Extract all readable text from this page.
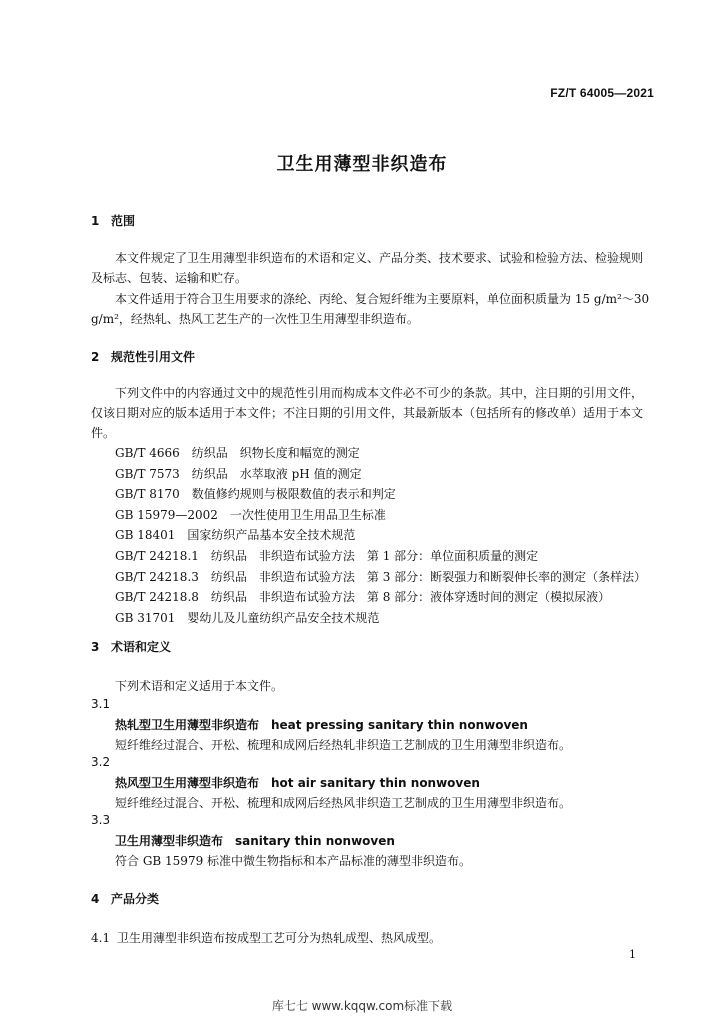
FZ/T 64005—2021
卫生用薄型非织造布
1 范围
本文件规定了卫生用薄型非织造布的术语和定义、产品分类、技术要求、试验和检验方法、检验规则及标志、包装、运输和贮存。
本文件适用于符合卫生用要求的涤纶、丙纶、复合短纤维为主要原料，单位面积质量为 15 g/m²～30 g/m²，经热轧、热风工艺生产的一次性卫生用薄型非织造布。
2 规范性引用文件
下列文件中的内容通过文中的规范性引用而构成本文件必不可少的条款。其中，注日期的引用文件，仅该日期对应的版本适用于本文件；不注日期的引用文件，其最新版本（包括所有的修改单）适用于本文件。
GB/T 4666　纺织品　织物长度和幅宽的测定
GB/T 7573　纺织品　水萃取液 pH 值的测定
GB/T 8170　数值修约规则与极限数值的表示和判定
GB 15979—2002　一次性使用卫生用品卫生标准
GB 18401　国家纺织产品基本安全技术规范
GB/T 24218.1　纺织品　非织造布试验方法　第 1 部分：单位面积质量的测定
GB/T 24218.3　纺织品　非织造布试验方法　第 3 部分：断裂强力和断裂伸长率的测定（条样法）
GB/T 24218.8　纺织品　非织造布试验方法　第 8 部分：液体穿透时间的测定（模拟尿液）
GB 31701　婴幼儿及儿童纺织产品安全技术规范
3 术语和定义
下列术语和定义适用于本文件。
3.1
热轧型卫生用薄型非织造布　heat pressing sanitary thin nonwoven
短纤维经过混合、开松、梳理和成网后经热轧非织造工艺制成的卫生用薄型非织造布。
3.2
热风型卫生用薄型非织造布　hot air sanitary thin nonwoven
短纤维经过混合、开松、梳理和成网后经热风非织造工艺制成的卫生用薄型非织造布。
3.3
卫生用薄型非织造布　sanitary thin nonwoven
符合 GB 15979 标准中微生物指标和本产品标准的薄型非织造布。
4 产品分类
4.1 卫生用薄型非织造布按成型工艺可分为热轧成型、热风成型。
1
库七七 www.kqqw.com标准下载
